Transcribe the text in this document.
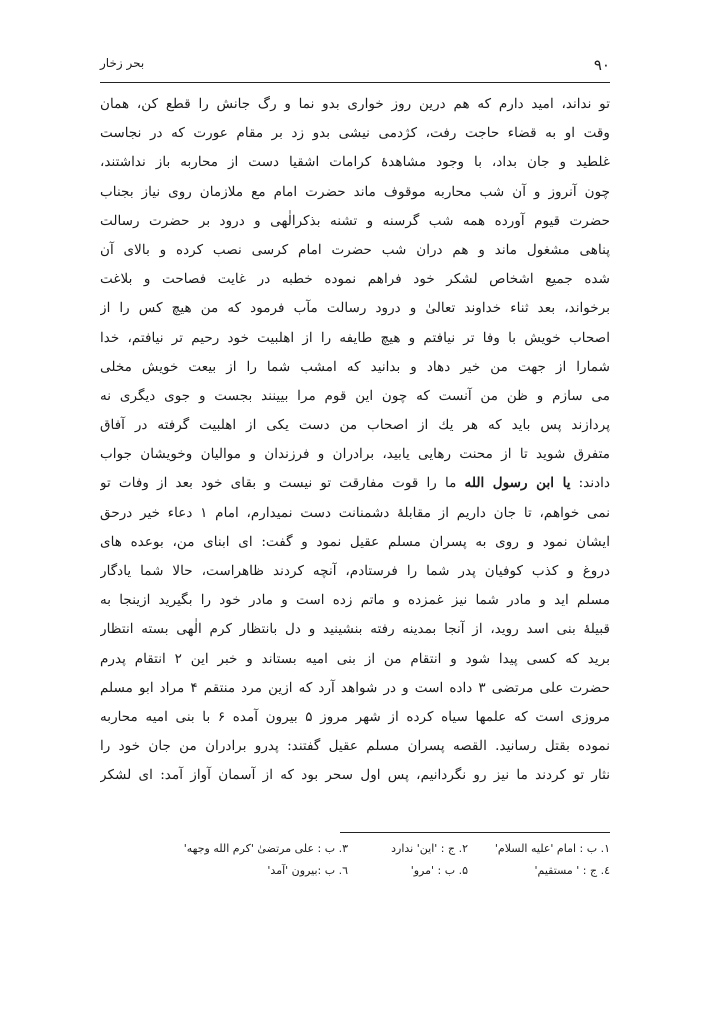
۹۰
بحر زخار
تو نداند، امید دارم که هم درین روز خواری بدو نما و رگ جانش را قطع کن، همان
وقت او به قضاء حاجت رفت، کژدمی نیشی بدو زد بر مقام عورت که در نجاست
غلطید و جان بداد، با وجود مشاهدۀ کرامات اشقیا دست از محاربه باز نداشتند،
چون آنروز و آن شب محاربه موقوف ماند حضرت امام مع ملازمان روی نیاز بجناب
حضرت قیوم آورده همه شب گرسنه و تشنه بذکرالٰهی و درود بر حضرت رسالت
پناهی مشغول ماند و هم دران شب حضرت امام کرسی نصب کرده و بالای آن
شده جمیع اشخاص لشکر خود فراهم نموده خطبه در غایت فصاحت و بلاغت
برخواند، بعد ثناء خداوند تعالیٰ و درود رسالت مآب فرمود که من هیچ کس را از
اصحاب خویش با وفا تر نیافتم و هیچ طایفه را از اهلبیت خود رحیم تر نیافتم، خدا
شمارا از جهت من خیر دهاد و بدانید که امشب شما را از بیعت خویش مخلی
می سازم و ظن من آنست که چون این قوم مرا بیینند بجست و جوی دیگری نه
پردازند پس باید که هر یك از اصحاب من دست یکی از اهلبیت گرفته در آفاق
متفرق شوید تا از محنت رهایی یابید، برادران و فرزندان و موالیان وخویشان جواب
دادند: یا ابن رسول الله ما را قوت مفارقت تو نیست و بقای خود بعد از وفات تو
نمی خواهم، تا جان داریم از مقابلۀ دشمنانت دست نمیدارم، امام ۱ دعاء خیر درحق
ایشان نمود و روی به پسران مسلم عقیل نمود و گفت: ای ابنای من، بوعده های
دروغ و کذب کوفیان پدر شما را فرستادم، آنچه کردند ظاهراست، حالا شما یادگار
مسلم اید و مادر شما نیز غمزده و ماتم زده است و مادر خود را بگیرید ازینجا به
قبیلۀ بنی اسد روید، از آنجا بمدینه رفته بنشینید و دل بانتظار کرم الٰهی بسته انتظار
برید که کسی پیدا شود و انتقام من از بنی امیه بستاند و خبر این ۲ انتقام پدرم
حضرت علی مرتضی ۳ داده است و در شواهد آرد که ازین مرد منتقم ۴ مراد ابو مسلم
مروزی است که علمها سیاه کرده از شهر مروز ۵ بیرون آمده ۶ با بنی امیه محاربه
نموده بقتل رسانید. القصه پسران مسلم عقیل گفتند: پدرو برادران من جان خود را
نثار تو کردند ما نیز رو نگردانیم، پس اول سحر بود که از آسمان آواز آمد: ای لشکر
۱. ب : امام 'علیه السلام'
۲. ج : 'این' ندارد
۳. ب : علی مرتضیٰ 'کرم الله وجهه'
٤. ج : ' مستقیم'
۵. ب : 'مرو'
٦. ب :بیرون 'آمد'
